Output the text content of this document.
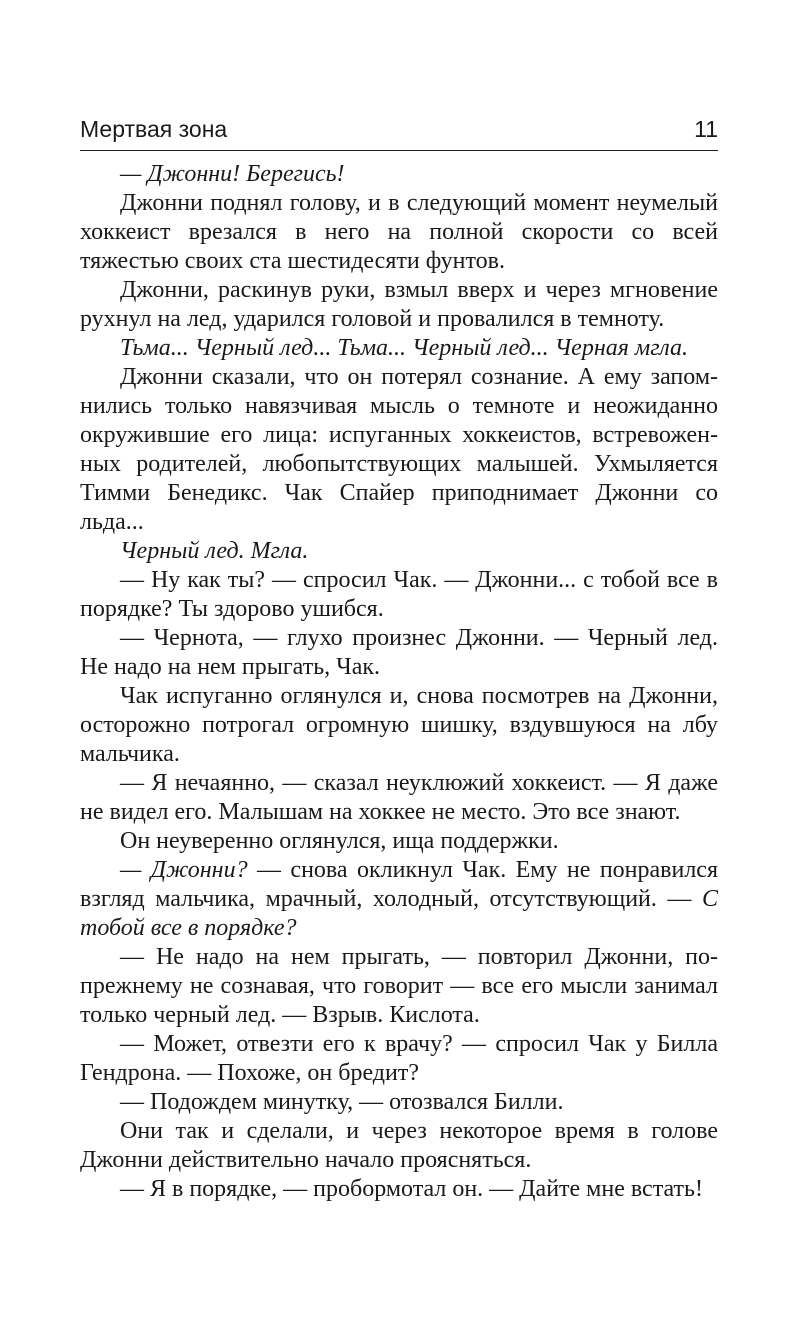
Мертвая зона	11

— Джонни! Берегись!

Джонни поднял голову, и в следующий момент неумелый хоккеист врезался в него на полной скорости со всей тяжестью своих ста шестидесяти фунтов.

Джонни, раскинув руки, взмыл вверх и через мгновение рухнул на лед, ударился головой и провалился в темноту.

Тьма... Черный лед... Тьма... Черный лед... Черная мгла.

Джонни сказали, что он потерял сознание. А ему запомнились только навязчивая мысль о темноте и неожиданно окружившие его лица: испуганных хоккеистов, встревоженных родителей, любопытствующих малышей. Ухмыляется Тимми Бенедикс. Чак Спайер приподнимает Джонни со льда...

Черный лед. Мгла.

— Ну как ты? — спросил Чак. — Джонни... с тобой все в порядке? Ты здорово ушибся.

— Чернота, — глухо произнес Джонни. — Черный лед. Не надо на нем прыгать, Чак.

Чак испуганно оглянулся и, снова посмотрев на Джонни, осторожно потрогал огромную шишку, вздувшуюся на лбу мальчика.

— Я нечаянно, — сказал неуклюжий хоккеист. — Я даже не видел его. Малышам на хоккее не место. Это все знают.

Он неуверенно оглянулся, ища поддержки.

— Джонни? — снова окликнул Чак. Ему не понравился взгляд мальчика, мрачный, холодный, отсутствующий. — С тобой все в порядке?

— Не надо на нем прыгать, — повторил Джонни, по-прежнему не сознавая, что говорит — все его мысли занимал только черный лед. — Взрыв. Кислота.

— Может, отвезти его к врачу? — спросил Чак у Билла Гендрона. — Похоже, он бредит?

— Подождем минутку, — отозвался Билли.

Они так и сделали, и через некоторое время в голове Джонни действительно начало проясняться.

— Я в порядке, — пробормотал он. — Дайте мне встать!
